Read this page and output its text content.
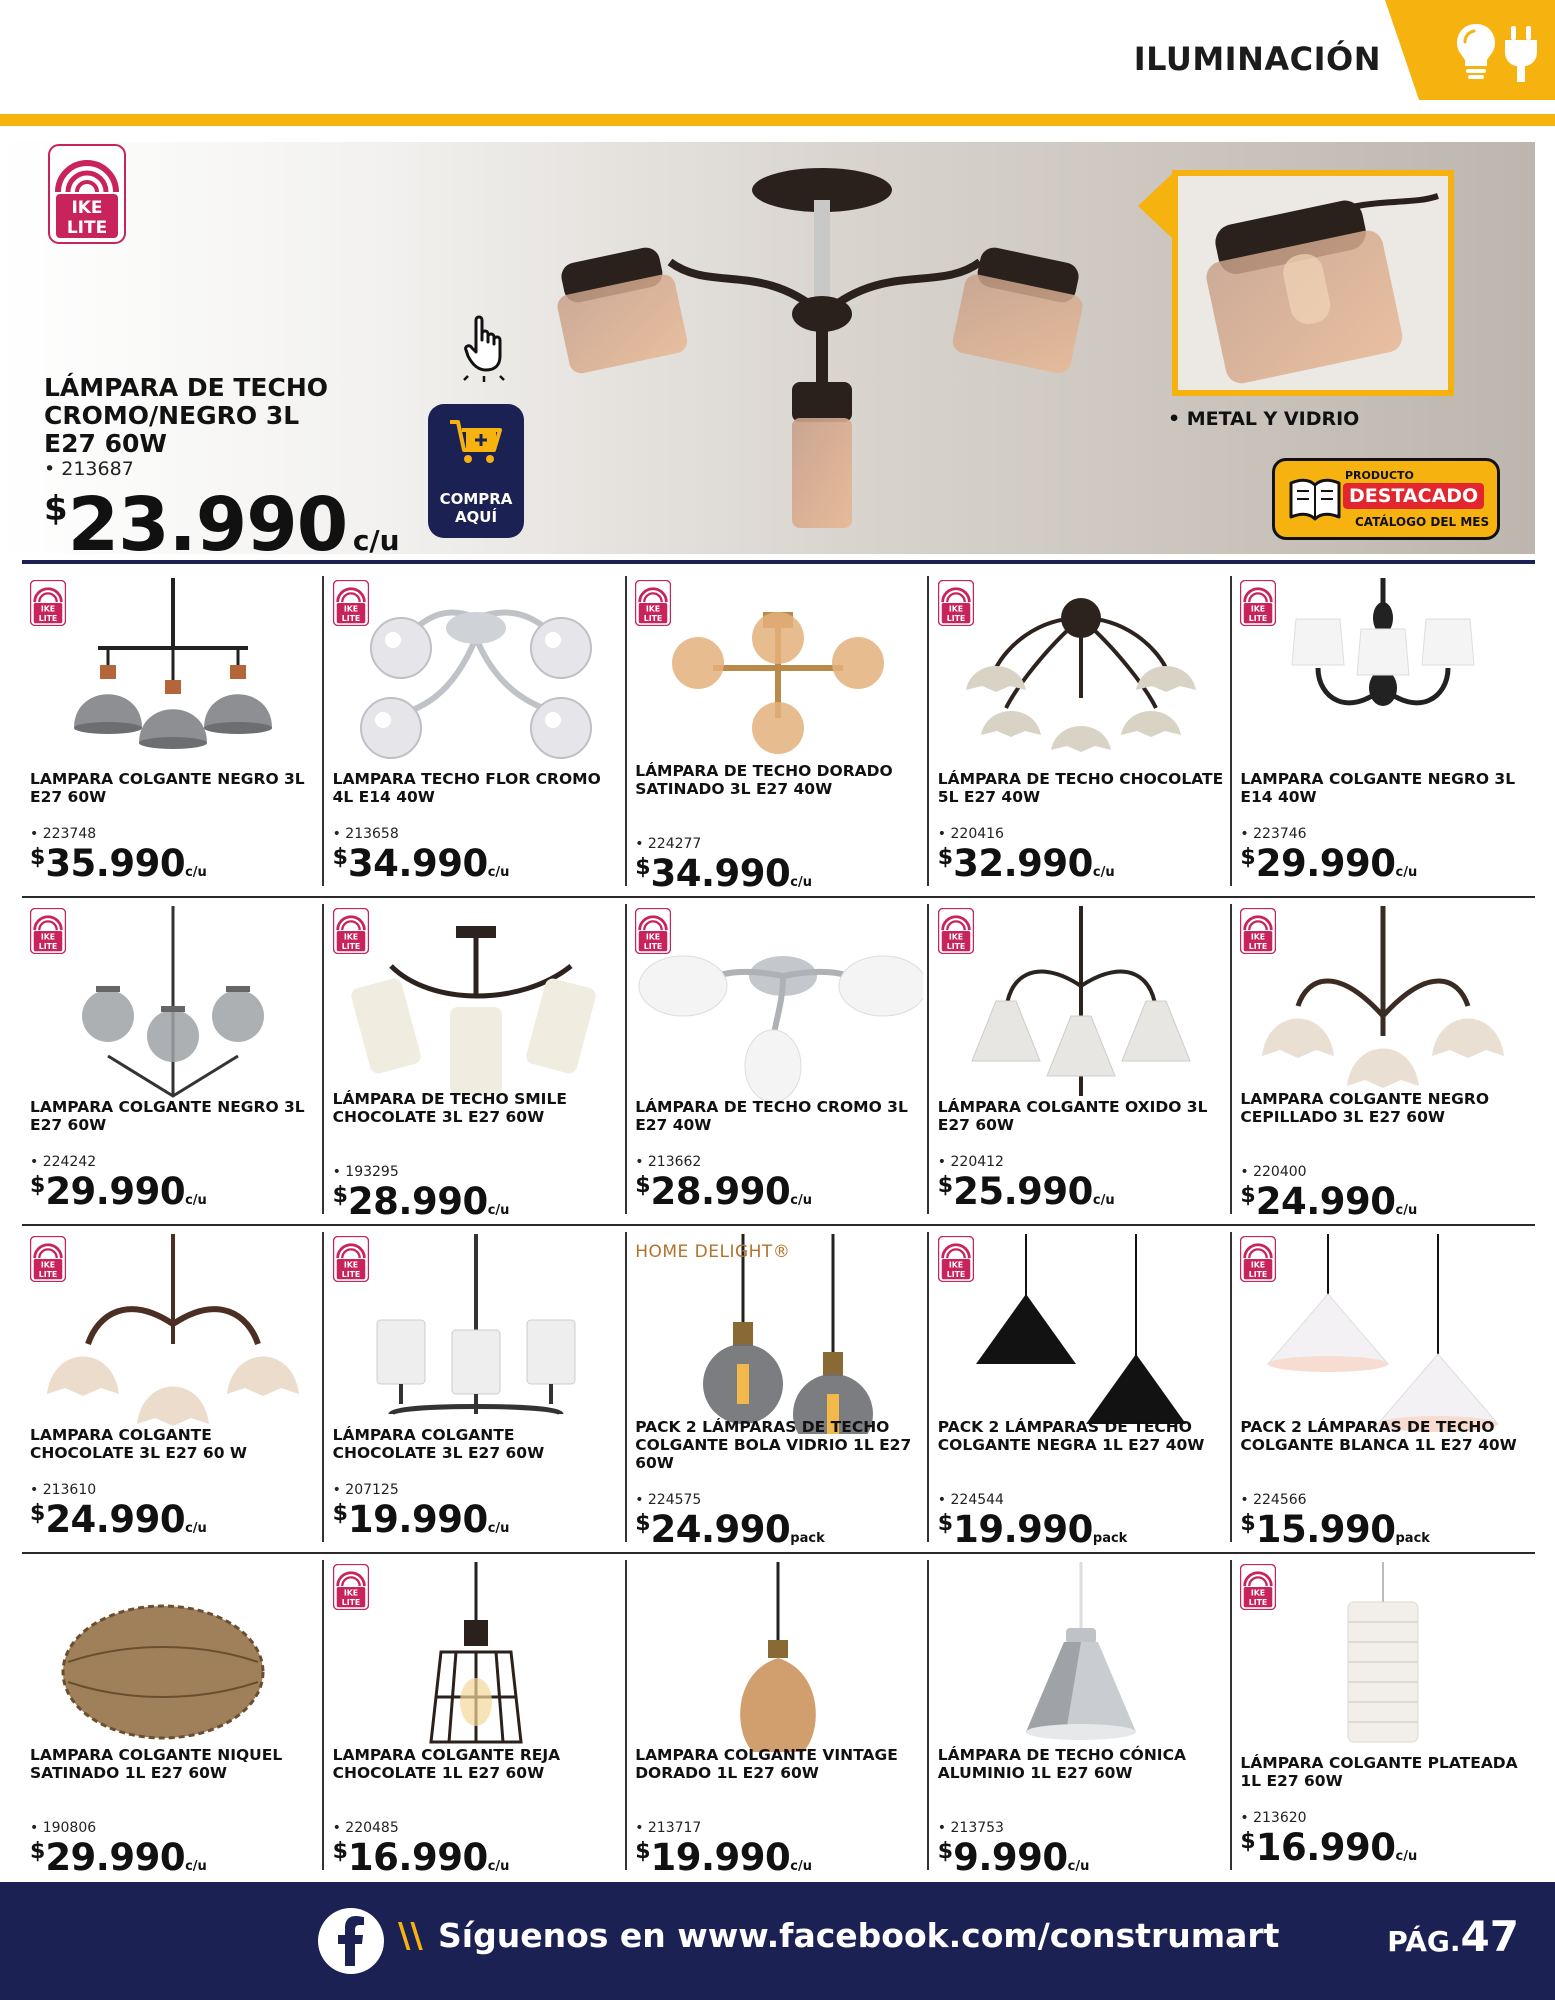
ILUMINACIÓN
IKE
LITE
LÁMPARA DE TECHO CROMO/NEGRO 3L E27 60W
• 213687
$23.990 c/u
COMPRA AQUÍ
• METAL Y VIDRIO
PRODUCTO
DESTACADO
CATÁLOGO DEL MES
IKE
LITE
LAMPARA COLGANTE NEGRO 3L E27 60W
• 223748
$35.990c/u
IKE
LITE
LAMPARA TECHO FLOR CROMO 4L E14 40W
• 213658
$34.990c/u
IKE
LITE
LÁMPARA DE TECHO DORADO SATINADO 3L E27 40W
• 224277
$34.990c/u
IKE
LITE
LÁMPARA DE TECHO CHOCOLATE 5L E27 40W
• 220416
$32.990c/u
IKE
LITE
LAMPARA COLGANTE NEGRO 3L E14 40W
• 223746
$29.990c/u
IKE
LITE
LAMPARA COLGANTE NEGRO 3L E27 60W
• 224242
$29.990c/u
IKE
LITE
LÁMPARA DE TECHO SMILE CHOCOLATE 3L E27 60W
• 193295
$28.990c/u
IKE
LITE
LÁMPARA DE TECHO CROMO 3L E27 40W
• 213662
$28.990c/u
IKE
LITE
LÁMPARA COLGANTE OXIDO 3L E27 60W
• 220412
$25.990c/u
IKE
LITE
LAMPARA COLGANTE NEGRO CEPILLADO 3L E27 60W
• 220400
$24.990c/u
IKE
LITE
LAMPARA COLGANTE CHOCOLATE 3L E27 60 W
• 213610
$24.990c/u
IKE
LITE
LÁMPARA COLGANTE CHOCOLATE 3L E27 60W
• 207125
$19.990c/u
HOME DELIGHT®
PACK 2 LÁMPARAS DE TECHO COLGANTE BOLA VIDRIO 1L E27 60W
• 224575
$24.990pack
IKE
LITE
PACK 2 LÁMPARAS DE TECHO COLGANTE NEGRA 1L E27 40W
• 224544
$19.990pack
IKE
LITE
PACK 2 LÁMPARAS DE TECHO COLGANTE BLANCA 1L E27 40W
• 224566
$15.990pack
LAMPARA COLGANTE NIQUEL SATINADO 1L E27 60W
• 190806
$29.990c/u
IKE
LITE
LAMPARA COLGANTE REJA CHOCOLATE 1L E27 60W
• 220485
$16.990c/u
LAMPARA COLGANTE VINTAGE DORADO 1L E27 60W
• 213717
$19.990c/u
LÁMPARA DE TECHO CÓNICA ALUMINIO 1L E27 60W
• 213753
$9.990c/u
IKE
LITE
LÁMPARA COLGANTE PLATEADA 1L E27 60W
• 213620
$16.990c/u
\\ Síguenos en www.facebook.com/construmart	PÁG.47
